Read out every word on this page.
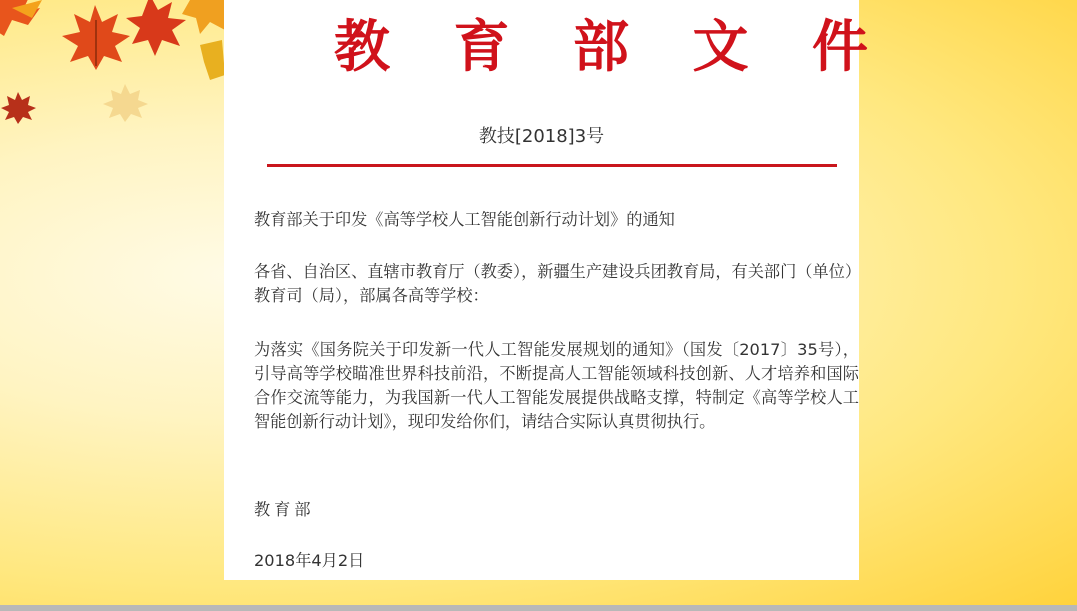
教 育 部 文 件
教技[2018]3号
教育部关于印发《高等学校人工智能创新行动计划》的通知
各省、自治区、直辖市教育厅（教委），新疆生产建设兵团教育局，有关部门（单位）教育司（局），部属各高等学校：
为落实《国务院关于印发新一代人工智能发展规划的通知》（国发〔2017〕35号），引导高等学校瞄准世界科技前沿，不断提高人工智能领域科技创新、人才培养和国际合作交流等能力，为我国新一代人工智能发展提供战略支撑，特制定《高等学校人工智能创新行动计划》，现印发给你们，请结合实际认真贯彻执行。
教育部
2018年4月2日
